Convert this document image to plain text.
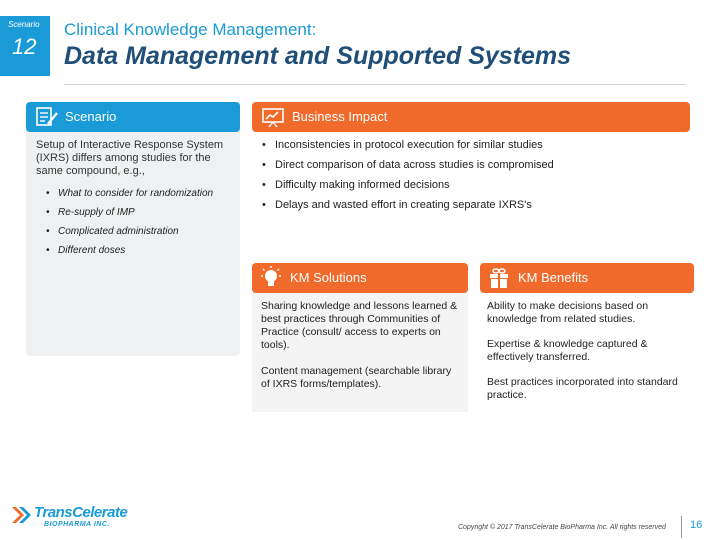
Scenario
12
Clinical Knowledge Management:
Data Management and Supported Systems
Scenario
Setup of Interactive Response System (IXRS) differs among studies for the same compound, e.g.,
• What to consider for randomization
• Re-supply of IMP
• Complicated administration
• Different doses
Business Impact
• Inconsistencies in protocol execution for similar studies
• Direct comparison of data across studies is compromised
• Difficulty making informed decisions
• Delays and wasted effort in creating separate IXRS's
KM Solutions
Sharing knowledge and lessons learned & best practices through Communities of Practice (consult/ access to experts on tools).
Content management (searchable library of IXRS forms/templates).
KM Benefits
Ability to make decisions based on knowledge from related studies.
Expertise & knowledge captured & effectively transferred.
Best practices incorporated into standard practice.
TransCelerate
BIOPHARMA INC.	Copyright © 2017 TransCelerate BioPharma Inc. All rights reserved 16
